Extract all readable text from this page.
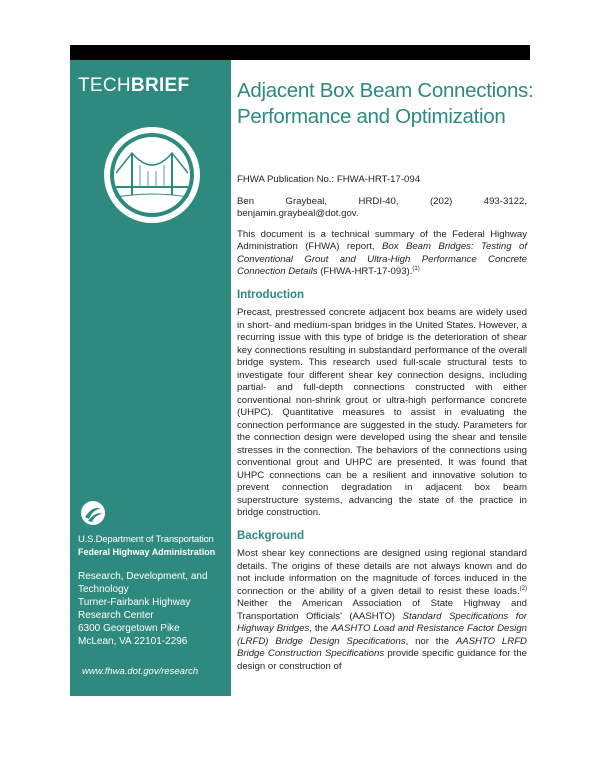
TECHBRIEF
U.S.Department of Transportation
Federal Highway Administration
Research, Development, and Technology
Turner-Fairbank Highway Research Center
6300 Georgetown Pike
McLean, VA 22101-2296
www.fhwa.dot.gov/research
Adjacent Box Beam Connections: Performance and Optimization

FHWA Publication No.: FHWA-HRT-17-094

Ben Graybeal, HRDI-40, (202) 493-3122, benjamin.graybeal@dot.gov.

This document is a technical summary of the Federal Highway Administration (FHWA) report, Box Beam Bridges: Testing of Conventional Grout and Ultra-High Performance Concrete Connection Details (FHWA-HRT-17-093).$^{(1)}$

Introduction

Precast, prestressed concrete adjacent box beams are widely used in short- and medium-span bridges in the United States. However, a recurring issue with this type of bridge is the deterioration of shear key connections resulting in substandard performance of the overall bridge system. This research used full-scale structural tests to investigate four different shear key connection designs, including partial- and full-depth connections constructed with either conventional non-shrink grout or ultra-high performance concrete (UHPC). Quantitative measures to assist in evaluating the connection performance are suggested in the study. Parameters for the connection design were developed using the shear and tensile stresses in the connection. The behaviors of the connections using conventional grout and UHPC are presented. It was found that UHPC connections can be a resilient and innovative solution to prevent connection degradation in adjacent box beam superstructure systems, advancing the state of the practice in bridge construction.

Background

Most shear key connections are designed using regional standard details. The origins of these details are not always known and do not include information on the magnitude of forces induced in the connection or the ability of a given detail to resist these loads.$^{(2)}$ Neither the American Association of State Highway and Transportation Officials’ (AASHTO) Standard Specifications for Highway Bridges, the AASHTO Load and Resistance Factor Design (LRFD) Bridge Design Specifications, nor the AASHTO LRFD Bridge Construction Specifications provide specific guidance for the design or construction of
